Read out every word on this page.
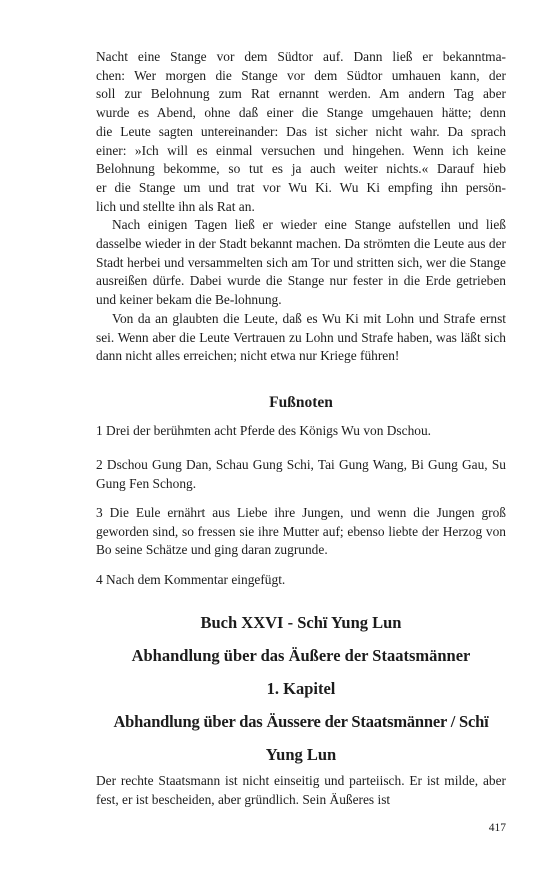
Nacht eine Stange vor dem Südtor auf. Dann ließ er bekanntma-
chen: Wer morgen die Stange vor dem Südtor umhauen kann, der
soll zur Belohnung zum Rat ernannt werden. Am andern Tag aber
wurde es Abend, ohne daß einer die Stange umgehauen hätte; denn
die Leute sagten untereinander: Das ist sicher nicht wahr. Da sprach
einer: »Ich will es einmal versuchen und hingehen. Wenn ich keine
Belohnung bekomme, so tut es ja auch weiter nichts.« Darauf hieb
er die Stange um und trat vor Wu Ki. Wu Ki empfing ihn persön-
lich und stellte ihn als Rat an.

Nach einigen Tagen ließ er wieder eine Stange aufstellen und ließ dasselbe wieder in der Stadt bekannt machen. Da strömten die Leute aus der Stadt herbei und versammelten sich am Tor und stritten sich, wer die Stange ausreißen dürfe. Dabei wurde die Stange nur fester in die Erde getrieben und keiner bekam die Be-lohnung.

Von da an glaubten die Leute, daß es Wu Ki mit Lohn und Strafe ernst sei. Wenn aber die Leute Vertrauen zu Lohn und Strafe haben, was läßt sich dann nicht alles erreichen; nicht etwa nur Kriege führen!

Fußnoten

1 Drei der berühmten acht Pferde des Königs Wu von Dschou.

2 Dschou Gung Dan, Schau Gung Schi, Tai Gung Wang, Bi Gung Gau, Su Gung Fen Schong.

3 Die Eule ernährt aus Liebe ihre Jungen, und wenn die Jungen groß geworden sind, so fressen sie ihre Mutter auf; ebenso liebte der Herzog von Bo seine Schätze und ging daran zugrunde.

4 Nach dem Kommentar eingefügt.

Buch XXVI - Schï Yung Lun
Abhandlung über das Äußere der Staatsmänner
1. Kapitel
Abhandlung über das Äussere der Staatsmänner / Schï
Yung Lun

Der rechte Staatsmann ist nicht einseitig und parteiisch. Er ist milde, aber fest, er ist bescheiden, aber gründlich. Sein Äußeres ist

417
